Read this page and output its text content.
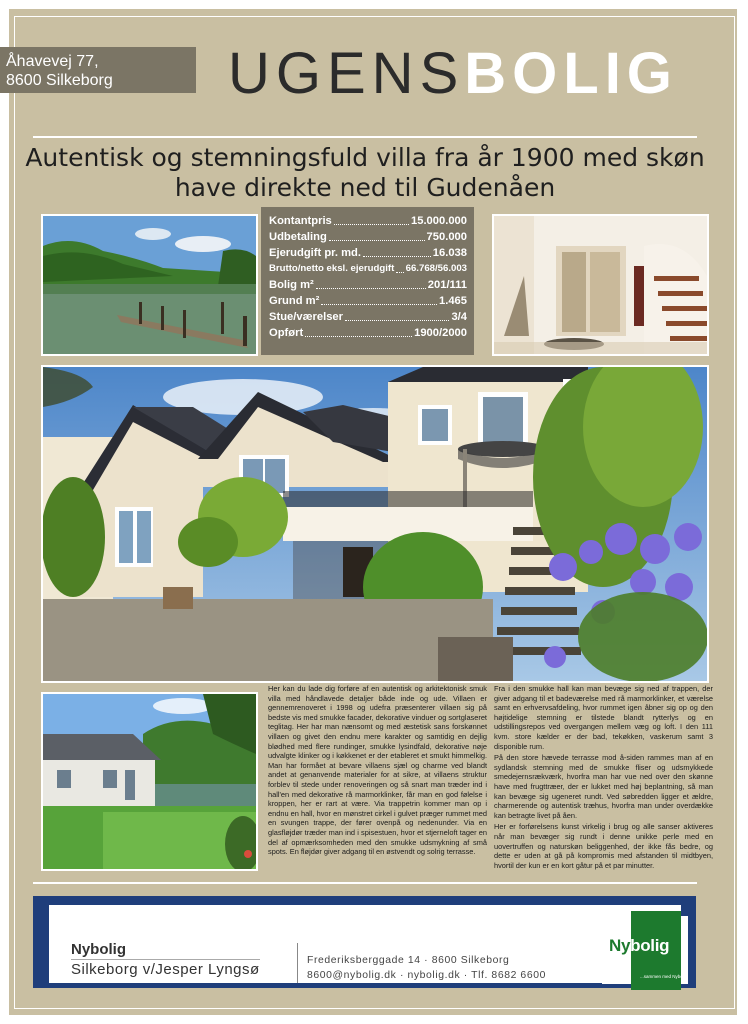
Åhavevej 77,
8600 Silkeborg	UGENSBOLIG
Autentisk og stemningsfuld villa fra år 1900 med skøn
have direkte ned til Gudenåen
Kontantpris	15.000.000
Udbetaling	750.000
Ejerudgift pr. md.	16.038
Brutto/netto eksl. ejerudgift 66.768/56.003
Bolig m²	201/111
Grund m²	1.465
Stue/værelser	3/4
Opført	1900/2000

Her kan du lade dig forføre af en autentisk og arkitektonisk smuk villa med håndlavede detaljer både inde og ude. Villaen er gennemrenoveret i 1998 og udefra præsenterer villaen sig på bedste vis med smukke facader, dekorative vinduer og sortglaseret teglitag. Her har man nænsomt og med æstetisk sans forskønnet villaen og givet den endnu mere karakter og samtidig en dejlig blødhed med flere rundinger, smukke lysindfald, dekorative nøje udvalgte klinker og i køkkenet er der etableret et smukt himmelkig. Man har formået at bevare villaens sjæl og charme ved blandt andet at genanvende materialer for at sikre, at villaens struktur forblev til stede under renoveringen og så snart man træder ind i hall'en med dekorative rå marmorklinker, får man en god følelse i kroppen, her er rart at være. Via trappetrin kommer man op i endnu en hall, hvor en mønstret cirkel i gulvet præger rummet med en svungen trappe, der fører ovenpå og nedenunder. Via en glasfløjdør træder man ind i spisestuen, hvor et stjerneloft tager en del af opmærksomheden med den smukke udsmykning af små spots. En fløjdør giver adgang til en østvendt og solrig terrasse.

Fra i den smukke hall kan man bevæge sig ned af trappen, der giver adgang til et badeværelse med rå marmorklinker, et værelse samt en erhvervsafdeling, hvor rummet igen åbner sig op og den højtidelige stemning er tilstede blandt rytterlys og en udstillingsrepos ved overgangen mellem væg og loft. I den 111 kvm. store kælder er der bad, tekøkken, vaskerum samt 3 disponible rum.

På den store hævede terrasse mod å-siden rammes man af en sydlandsk stemning med de smukke fliser og udsmykkede smedejernsrækværk, hvorfra man har vue ned over den skønne have med frugttræer, der er lukket med høj beplantning, så man kan bevæge sig ugeneret rundt. Ved søbredden ligger et ældre, charmerende og autentisk træhus, hvorfra man under overdække kan betragte livet på åen.

Her er forførelsens kunst virkelig i brug og alle sanser aktiveres når man bevæger sig rundt i denne unikke perle med en uovertruffen og naturskøn beliggenhed, der ikke fås bedre, og dette er uden at gå på kompromis med afstanden til midtbyen, hvortil der kun er en kort gåtur på et par minutter.

Nybolig
Silkeborg v/Jesper Lyngsø
Frederiksberggade 14 · 8600 Silkeborg
8600@nybolig.dk · nybolig.dk · Tlf. 8682 6600
Nybolig
...sammen med Nybolig
